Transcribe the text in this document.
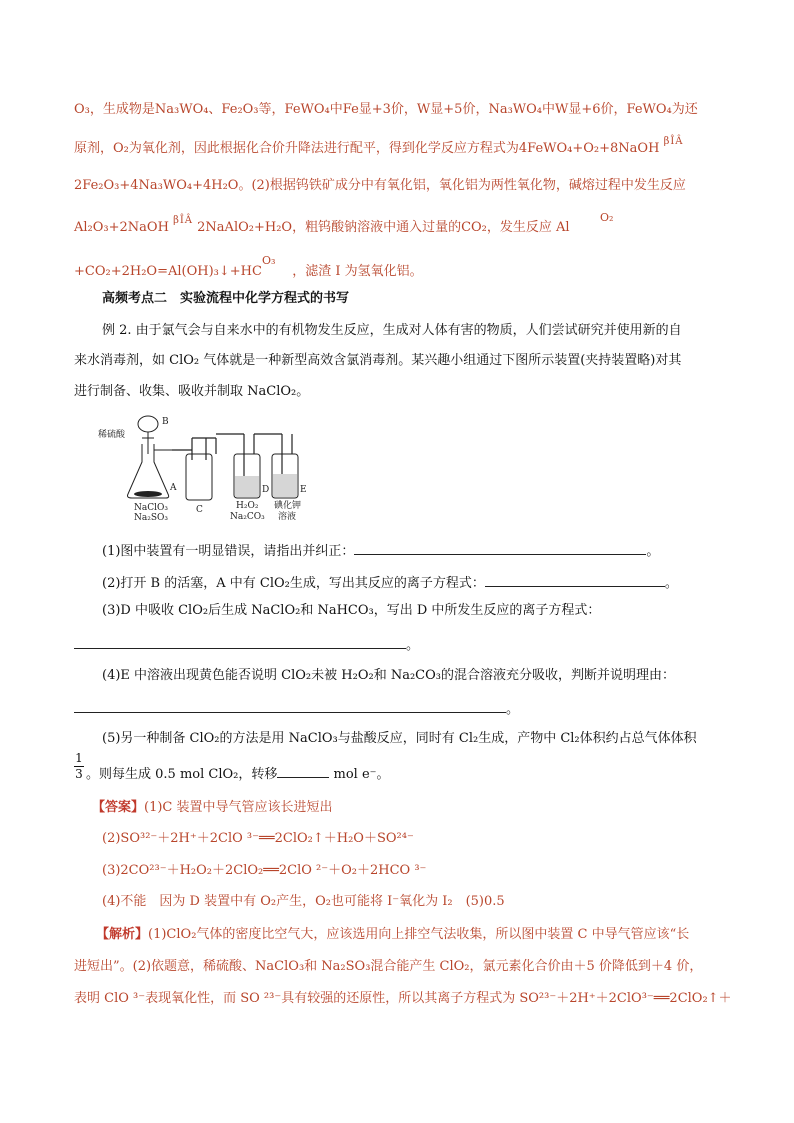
O₃，生成物是Na₃WO₄、Fe₂O₃等，FeWO₄中Fe显+3价，W显+5价，Na₃WO₄中W显+6价，FeWO₄为还
原剂，O₂为氧化剂，因此根据化合价升降法进行配平，得到化学反应方程式为4FeWO₄+O₂+8NaOH $^{\beta ÎÂ}$
2Fe₂O₃+4Na₃WO₄+4H₂O。(2)根据钨铁矿成分中有氧化铝，氧化铝为两性氧化物，碱熔过程中发生反应
Al₂O₃+2NaOH $^{\beta ÎÂ}$ 2NaAlO₂+H₂O，粗钨酸钠溶液中通入过量的CO₂，发生反应 Al
O₂
+CO₂+2H₂O=Al(OH)₃↓+HC ，滤渣 I 为氢氧化铝。
O₃
高频考点二　实验流程中化学方程式的书写
例 2. 由于氯气会与自来水中的有机物发生反应，生成对人体有害的物质，人们尝试研究并使用新的自
来水消毒剂，如 ClO₂ 气体就是一种新型高效含氯消毒剂。某兴趣小组通过下图所示装置(夹持装置略)对其
进行制备、收集、吸收并制取 NaClO₂。
稀硫酸
B
A
NaClO₃
Na₂SO₃
C
D
H₂O₂
Na₂CO₃
E
碘化钾
溶液
(1)图中装置有一明显错误，请指出并纠正：	。
(2)打开 B 的活塞，A 中有 ClO₂生成，写出其反应的离子方程式：	。
(3)D 中吸收 ClO₂后生成 NaClO₂和 NaHCO₃，写出 D 中所发生反应的离子方程式：
。
(4)E 中溶液出现黄色能否说明 ClO₂未被 H₂O₂和 Na₂CO₃的混合溶液充分吸收，判断并说明理由：
。
(5)另一种制备 ClO₂的方法是用 NaClO₃与盐酸反应，同时有 Cl₂生成，产物中 Cl₂体积约占总气体体积
1
3 。则每生成 0.5 mol ClO₂，转移	mol e⁻。
【答案】(1)C 装置中导气管应该长进短出
(2)SO³²⁻＋2H⁺＋2ClO ³⁻══2ClO₂↑＋H₂O＋SO²⁴⁻
(3)2CO²³⁻＋H₂O₂＋2ClO₂══2ClO ²⁻＋O₂＋2HCO ³⁻
(4)不能　因为 D 装置中有 O₂产生，O₂也可能将 I⁻氧化为 I₂　(5)0.5
【解析】(1)ClO₂气体的密度比空气大，应该选用向上排空气法收集，所以图中装置 C 中导气管应该“长
进短出”。(2)依题意，稀硫酸、NaClO₃和 Na₂SO₃混合能产生 ClO₂，氯元素化合价由＋5 价降低到＋4 价，
表明 ClO ³⁻表现氧化性，而 SO ²³⁻具有较强的还原性，所以其离子方程式为 SO²³⁻＋2H⁺＋2ClO³⁻══2ClO₂↑＋
